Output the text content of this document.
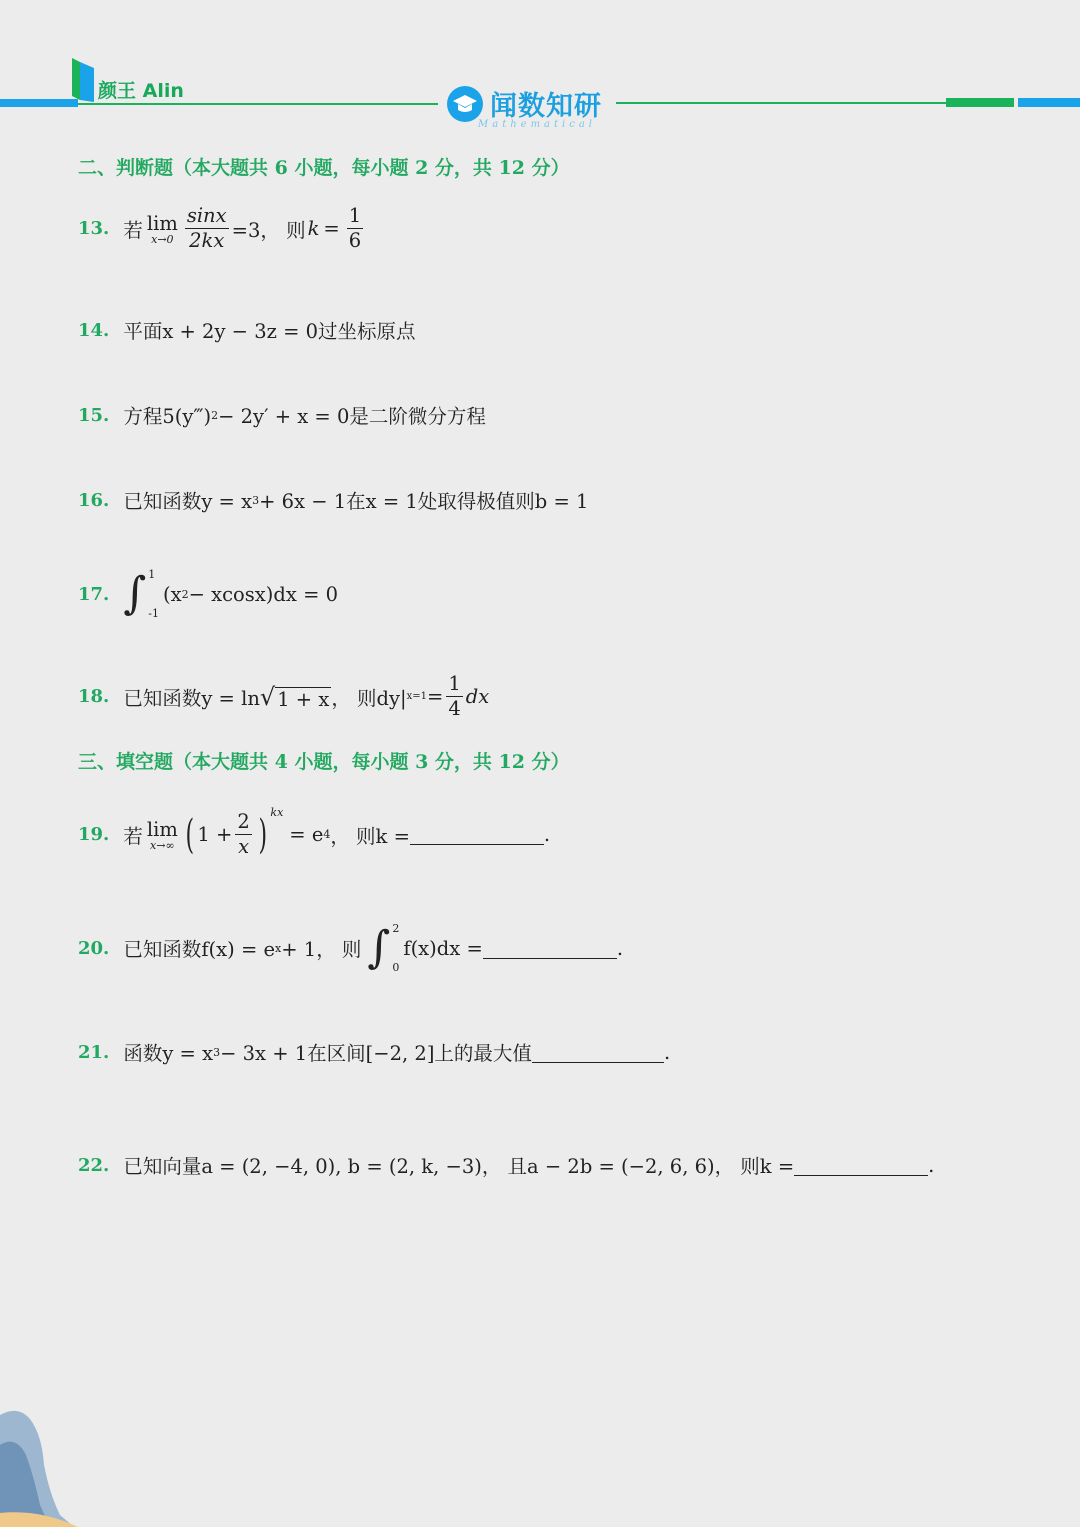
颜王 Alin	闻数知研
Mathematical
二、判断题（本大题共 6 小题，每小题 2 分，共 12 分）
13. 若 lim
$x\to 0 \frac{\sin x}{2kx} =3$， 则 $k = \frac{1}{6}$
14. 平面x + 2y − 3z = 0过坐标原点
15. 方程5(y‴) 2 − 2y′ + x = 0是二阶微分方程
16. 已知函数y = x 3 + 6x − 1在x = 1处取得极值则b = 1
17. ∫ 1
-1
(x 2 − xcosx)dx = 0
18. 已知函数y = ln √ 1 + x ， 则dy| $x=1 = \frac{1}{4}$ dx
三、填空题（本大题共 4 小题，每小题 3 分，共 12 分）
19. 若 lim
x→∞ ( $1 + \frac{2}{x}$ ) $^{kx}$
= e 4 ， 则k =	.
20. 已知函数f(x) = e x + 1， 则 ∫ 2
0
f(x)dx =	.
21. 函数y = x 3 − 3x + 1在区间[−2, 2]上的最大值	.
22. 已知向量a = (2, −4, 0), b = (2, k, −3)， 且a − 2b = (−2, 6, 6)， 则k =	.
